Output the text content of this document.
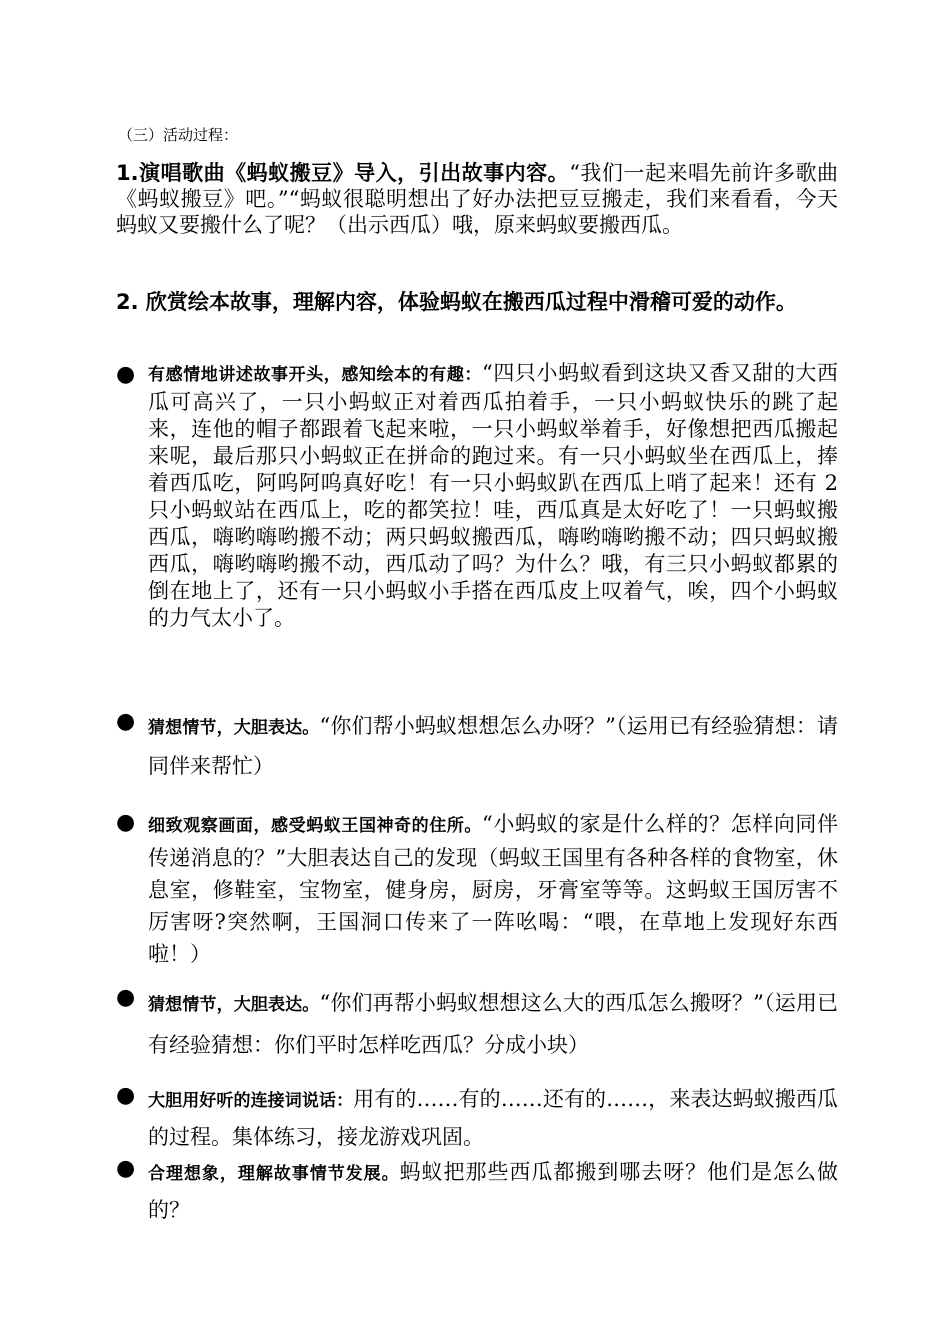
（三）活动过程：
1.演唱歌曲《蚂蚁搬豆》导入，引出故事内容。“我们一起来唱先前许多歌曲《蚂蚁搬豆》吧。”“蚂蚁很聪明想出了好办法把豆豆搬走，我们来看看，今天蚂蚁又要搬什么了呢？（出示西瓜）哦，原来蚂蚁要搬西瓜。
2. 欣赏绘本故事，理解内容，体验蚂蚁在搬西瓜过程中滑稽可爱的动作。
● 有感情地讲述故事开头，感知绘本的有趣：“四只小蚂蚁看到这块又香又甜的大西瓜可高兴了，一只小蚂蚁正对着西瓜拍着手，一只小蚂蚁快乐的跳了起来，连他的帽子都跟着飞起来啦，一只小蚂蚁举着手，好像想把西瓜搬起来呢，最后那只小蚂蚁正在拼命的跑过来。有一只小蚂蚁坐在西瓜上，捧着西瓜吃，阿呜阿呜真好吃！有一只小蚂蚁趴在西瓜上哨了起来！还有 2 只小蚂蚁站在西瓜上，吃的都笑拉！哇，西瓜真是太好吃了！一只蚂蚁搬西瓜，嗨哟嗨哟搬不动；两只蚂蚁搬西瓜，嗨哟嗨哟搬不动；四只蚂蚁搬西瓜，嗨哟嗨哟搬不动，西瓜动了吗？为什么？哦，有三只小蚂蚁都累的倒在地上了，还有一只小蚂蚁小手搭在西瓜皮上叹着气，唉，四个小蚂蚁的力气太小了。
● 猜想情节，大胆表达。“你们帮小蚂蚁想想怎么办呀？”（运用已有经验猜想：请同伴来帮忙）
● 细致观察画面，感受蚂蚁王国神奇的住所。“小蚂蚁的家是什么样的？怎样向同伴传递消息的？”大胆表达自己的发现（蚂蚁王国里有各种各样的食物室，休息室，修鞋室，宝物室，健身房，厨房，牙膏室等等。这蚂蚁王国厉害不厉害呀?突然啊，王国洞口传来了一阵吆喝：“喂，在草地上发现好东西啦！）
● 猜想情节，大胆表达。“你们再帮小蚂蚁想想这么大的西瓜怎么搬呀？”（运用已有经验猜想：你们平时怎样吃西瓜？分成小块）
● 大胆用好听的连接词说话：用有的……有的……还有的……，来表达蚂蚁搬西瓜的过程。集体练习，接龙游戏巩固。
● 合理想象，理解故事情节发展。蚂蚁把那些西瓜都搬到哪去呀？他们是怎么做的？
